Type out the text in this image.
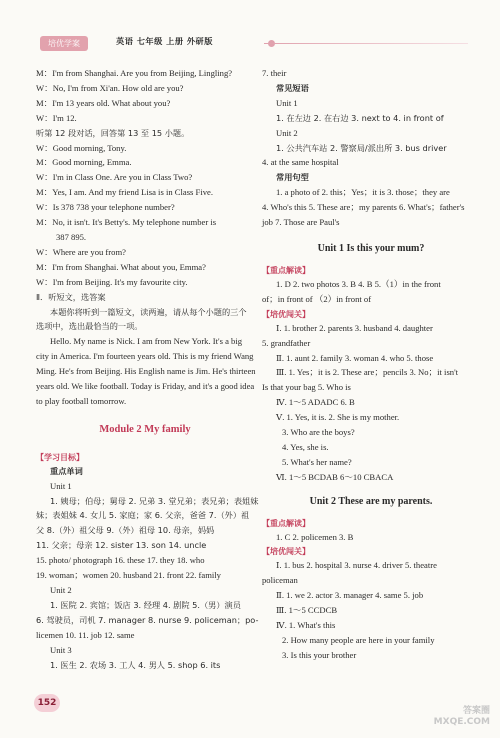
培优学案	英语 七年级 上册 外研版
M：I'm from Shanghai. Are you from Beijing, Lingling?
W：No, I'm from Xi'an. How old are you?
M：I'm 13 years old. What about you?
W：I'm 12.
听第 12 段对话，回答第 13 至 15 小题。
W：Good morning, Tony.
M：Good morning, Emma.
W：I'm in Class One. Are you in Class Two?
M：Yes, I am. And my friend Lisa is in Class Five.
W：Is 378 738 your telephone number?
M：No, it isn't. It's Betty's. My telephone number is
387 895.
W：Where are you from?
M：I'm from Shanghai. What about you, Emma?
W：I'm from Beijing. It's my favourite city.
Ⅱ．听短文，选答案
本题你将听到一篇短文，读两遍，请从每个小题的三个
选项中，选出最恰当的一项。
Hello. My name is Nick. I am from New York. It's a big
city in America. I'm fourteen years old. This is my friend Wang
Ming. He's from Beijing. His English name is Jim. He's thirteen
years old. We like football. Today is Friday, and it's a good idea
to play football tomorrow.
Module 2 My family
【学习目标】
重点单词
Unit 1
1. 姨母；伯母；舅母 2. 兄弟 3. 堂兄弟；表兄弟；表姐妹
妹；表姐妹 4. 女儿 5. 家庭；家 6. 父亲，爸爸 7.（外）祖
父 8.（外）祖父母 9.（外）祖母 10. 母亲，妈妈
11. 父亲；母亲 12. sister 13. son 14. uncle
15. photo/ photograph 16. these 17. they 18. who
19. woman；women 20. husband 21. front 22. family
Unit 2
1. 医院 2. 宾馆；饭店 3. 经理 4. 剧院 5.（男）演员
6. 驾驶员，司机 7. manager 8. nurse 9. policeman；po-
licemen 10. 11. job 12. same
Unit 3
1. 医生 2. 农场 3. 工人 4. 男人 5. shop 6. its
7. their
常见短语
Unit 1
1. 在左边 2. 在右边 3. next to 4. in front of
Unit 2
1. 公共汽车站 2. 警察局/派出所 3. bus driver
4. at the same hospital
常用句型
1. a photo of 2. this；Yes；it is 3. those；they are
4. Who's this 5. These are；my parents 6. What's；father's
job 7. Those are Paul's
Unit 1 Is this your mum?
【重点解读】
1. D 2. two photos 3. B 4. B 5.（1）in the front
of；in front of （2）in front of
【培优闯关】
Ⅰ. 1. brother 2. parents 3. husband 4. daughter
5. grandfather
Ⅱ. 1. aunt 2. family 3. woman 4. who 5. those
Ⅲ. 1. Yes；it is 2. These are；pencils 3. No；it isn't
Is that your bag 5. Who is
Ⅳ. 1～5 ADADC 6. B
Ⅴ. 1. Yes, it is. 2. She is my mother.
3. Who are the boys?
4. Yes, she is.
5. What's her name?
Ⅵ. 1～5 BCDAB 6～10 CBACA
Unit 2 These are my parents.
【重点解读】
1. C 2. policemen 3. B
【培优闯关】
Ⅰ. 1. bus 2. hospital 3. nurse 4. driver 5. theatre
policeman
Ⅱ. 1. we 2. actor 3. manager 4. same 5. job
Ⅲ. 1～5 CCDCB
Ⅳ. 1. What's this
2. How many people are here in your family
3. Is this your brother
152
答案圈 MXQE.COM
